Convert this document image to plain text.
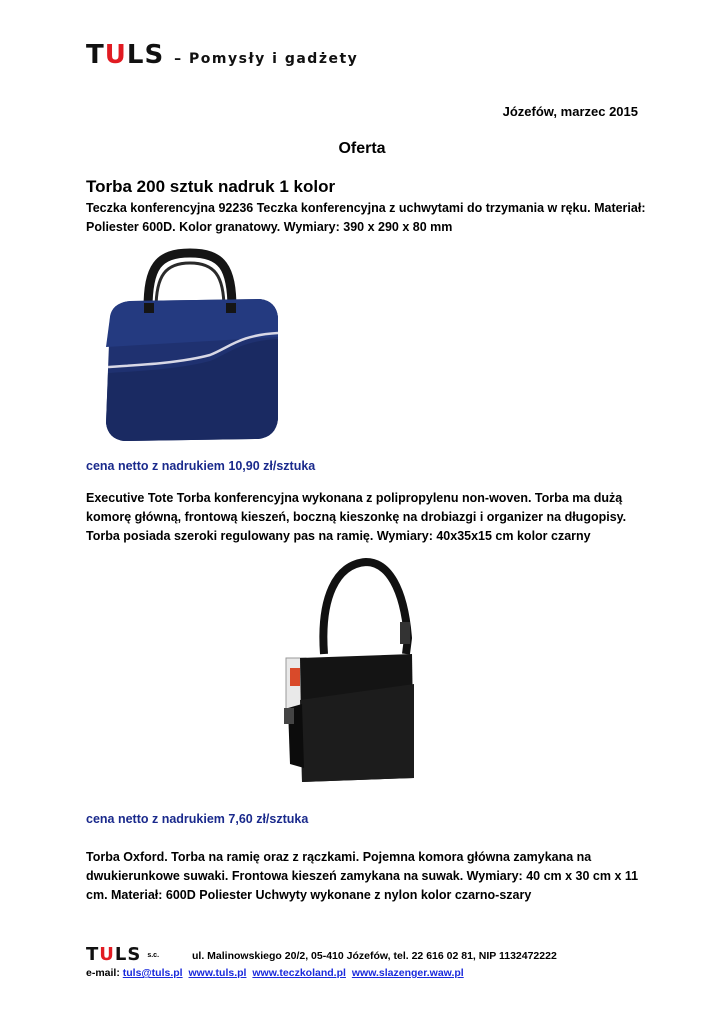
TULS – Pomysły i gadżety
Józefów, marzec 2015
Oferta
Torba 200 sztuk nadruk 1 kolor
Teczka konferencyjna 92236 Teczka konferencyjna z uchwytami do trzymania w ręku. Materiał: Poliester 600D. Kolor granatowy. Wymiary: 390 x 290 x 80 mm
cena netto z nadrukiem 10,90 zł/sztuka
Executive Tote Torba konferencyjna wykonana z polipropylenu non-woven. Torba ma dużą komorę główną, frontową kieszeń, boczną kieszonkę na drobiazgi i organizer na długopisy. Torba posiada szeroki regulowany pas na ramię. Wymiary: 40x35x15 cm kolor czarny
cena netto z nadrukiem 7,60 zł/sztuka
Torba Oxford. Torba na ramię oraz z rączkami. Pojemna komora główna zamykana na dwukierunkowe suwaki. Frontowa kieszeń zamykana na suwak. Wymiary: 40 cm x 30 cm x 11 cm. Materiał: 600D Poliester Uchwyty wykonane z nylon kolor czarno-szary
TULS s.c.	ul. Malinowskiego 20/2, 05-410 Józefów, tel. 22 616 02 81, NIP 1132472222
e-mail: tuls@tuls.pl www.tuls.pl www.teczkoland.pl www.slazenger.waw.pl
